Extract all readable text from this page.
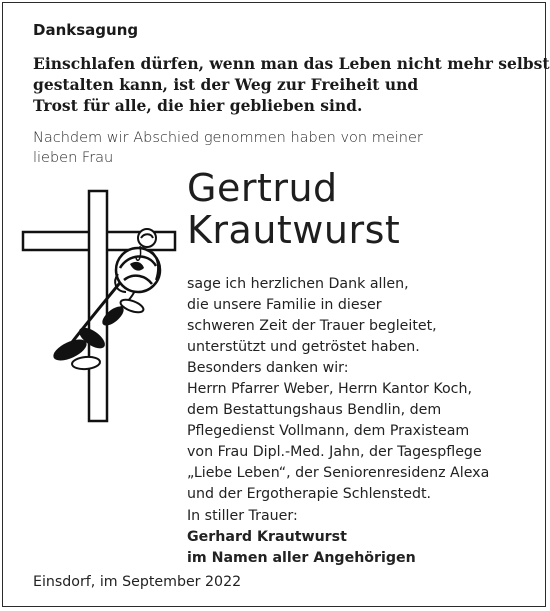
Danksagung
Einschlafen dürfen, wenn man das Leben nicht mehr selbst
gestalten kann, ist der Weg zur Freiheit und
Trost für alle, die hier geblieben sind.
Nachdem wir Abschied genommen haben von meiner
lieben Frau
Gertrud
Krautwurst
sage ich herzlichen Dank allen,
die unsere Familie in dieser
schweren Zeit der Trauer begleitet,
unterstützt und getröstet haben.
Besonders danken wir:
Herrn Pfarrer Weber, Herrn Kantor Koch,
dem Bestattungshaus Bendlin, dem
Pflegedienst Vollmann, dem Praxisteam
von Frau Dipl.-Med. Jahn, der Tagespflege
„Liebe Leben“, der Seniorenresidenz Alexa
und der Ergotherapie Schlenstedt.
In stiller Trauer:
Gerhard Krautwurst
im Namen aller Angehörigen
Einsdorf, im September 2022
